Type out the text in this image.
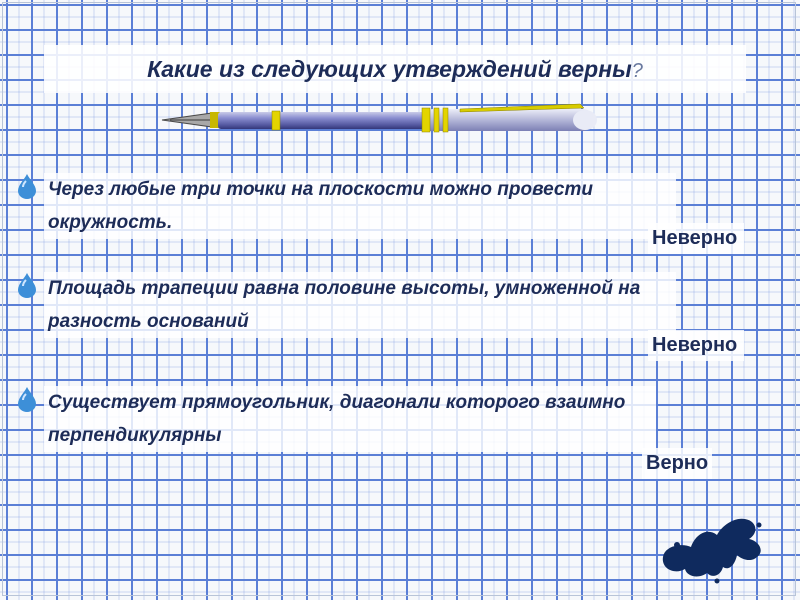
Какие из следующих утверждений верны?
Через любые три точки на плоскости можно провести окружность.
Неверно
Площадь трапеции равна половине высоты, умноженной на разность оснований
Неверно
Существует прямоугольник, диагонали которого взаимно перпендикулярны
Верно
